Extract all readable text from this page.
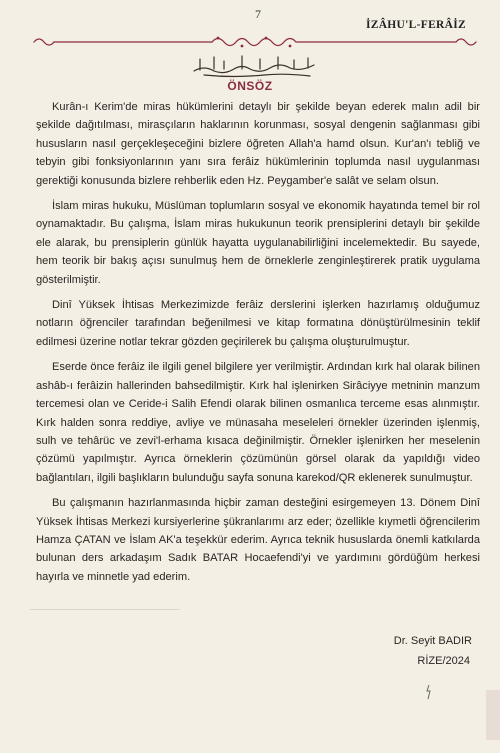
7
İZÂHU'L-FERÂİZ
ÖNSÖZ

Kurân-ı Kerim'de miras hükümlerini detaylı bir şekilde beyan ederek malın adil bir şekilde dağıtılması, mirasçıların haklarının korunması, sosyal dengenin sağlanması gibi hususların nasıl gerçekleşeceğini bizlere öğreten Allah'a hamd olsun. Kur'an'ı tebliğ ve tebyin gibi fonksiyonlarının yanı sıra ferâiz hükümlerinin toplumda nasıl uygulanması gerektiği konusunda bizlere rehberlik eden Hz. Peygamber'e salât ve selam olsun.

İslam miras hukuku, Müslüman toplumların sosyal ve ekonomik hayatında temel bir rol oynamaktadır. Bu çalışma, İslam miras hukukunun teorik prensiplerini detaylı bir şekilde ele alarak, bu prensiplerin günlük hayatta uygulanabilirliğini incelemektedir. Bu sayede, hem teorik bir bakış açısı sunulmuş hem de örneklerle zenginleştirerek pratik uygulama gösterilmiştir.

Dinî Yüksek İhtisas Merkezimizde ferâiz derslerini işlerken hazırlamış olduğumuz notların öğrenciler tarafından beğenilmesi ve kitap formatına dönüştürülmesinin teklif edilmesi üzerine notlar tekrar gözden geçirilerek bu çalışma oluşturulmuştur.

Eserde önce ferâiz ile ilgili genel bilgilere yer verilmiştir. Ardından kırk hal olarak bilinen ashâb-ı ferâizin hallerinden bahsedilmiştir. Kırk hal işlenirken Sirâciyye metninin manzum tercemesi olan ve Ceride-i Salih Efendi olarak bilinen osmanlıca terceme esas alınmıştır. Kırk halden sonra reddiye, avliye ve münasaha meseleleri örnekler üzerinden işlenmiş, sulh ve tehârüc ve zevi'l-erhama kısaca değinilmiştir. Örnekler işlenirken her meselenin çözümü yapılmıştır. Ayrıca örneklerin çözümünün görsel olarak da yapıldığı video bağlantıları, ilgili başlıkların bulunduğu sayfa sonuna karekod/QR eklenerek sunulmuştur.

Bu çalışmanın hazırlanmasında hiçbir zaman desteğini esirgemeyen 13. Dönem Dinî Yüksek İhtisas Merkezi kursiyerlerine şükranlarımı arz eder; özellikle kıymetli öğrencilerim Hamza ÇATAN ve İslam AK'a teşekkür ederim. Ayrıca teknik hususlarda önemli katkılarda bulunan ders arkadaşım Sadık BATAR Hocaefendi'yi ve yardımını gördüğüm herkesi hayırla ve minnetle yad ederim.

Dr. Seyit BADIR
RİZE/2024
